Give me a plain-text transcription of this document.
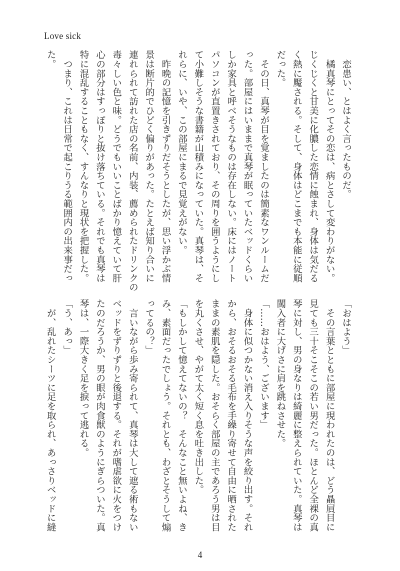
Love sick
　恋患い、とはよく言ったものだ。
　橘真琴にとってその恋は、病とさして変わりがない。
じくじくと甘美に化膿した恋情に蝕まれ、身体は気だる
く熱に魘される。そして、身体はどこまでも本能に従順
だった。
　その日、真琴が目を覚ましたのは簡素なワンルームだ
った。部屋にはいままで真琴が眠っていたベッドくらい
しか家具と呼べそうなものは存在しない。床にはノート
パソコンが直置きされており、その周りを囲うようにし
て小難しそうな書籍が山積みになっていた。真琴は、そ
れらに、いや、この部屋にまるで見覚えがない。
　昨晩の記憶を引きずりだそうとしたが、思い浮かぶ情
景は断片的でひどく偏りがあった。たとえば知り合いに
連れられて訪れた店の名前、内装、薦められたドリンクの
毒々しい色と味。どうでもいいことばかり憶えていて肝
心の部分はすっぽりと抜け落ちている。それでも真琴は
特に混乱することもなく、すんなりと現状を把握した。
　つまり、これは日常で起こりうる範囲内の出来事だっ
た。
「おはよう」
　その言葉とともに部屋に現われたのは、どう贔屓目に
見ても三十そこそこの若い男だった。ほとんど全裸の真
琴に対し、男の身なりは綺麗に整えられていた。真琴は
闖入者に大げさに肩を跳ねさせた。
「……おはよう、ございます」
　身体に似つかない消え入りそうな声を絞り出す。それ
から、おそるおそる毛布を手繰り寄せて自由に晒された
ままの素肌を隠した。おそらく部屋の主であろう男は目
を丸くさせ、やがて太く短く息を吐き出した。
「もしかして憶えてないの？　そんなこと無いよね、き
み、素面だったでしょう。それとも、わざとそうして煽
ってるの？」
　言いながら歩み寄られて、真琴は大して遮る術もない
ベッドをずりずりと後退する。それが嗜虐欲に火をつけ
たのだろうか、男の眼が肉食獣のようにぎらついた。真
琴は、一際大きく足を捩って逃れる。
「う、あっ」
　が、乱れたシーツに足を取られ、あっさりベッドに縫
4
